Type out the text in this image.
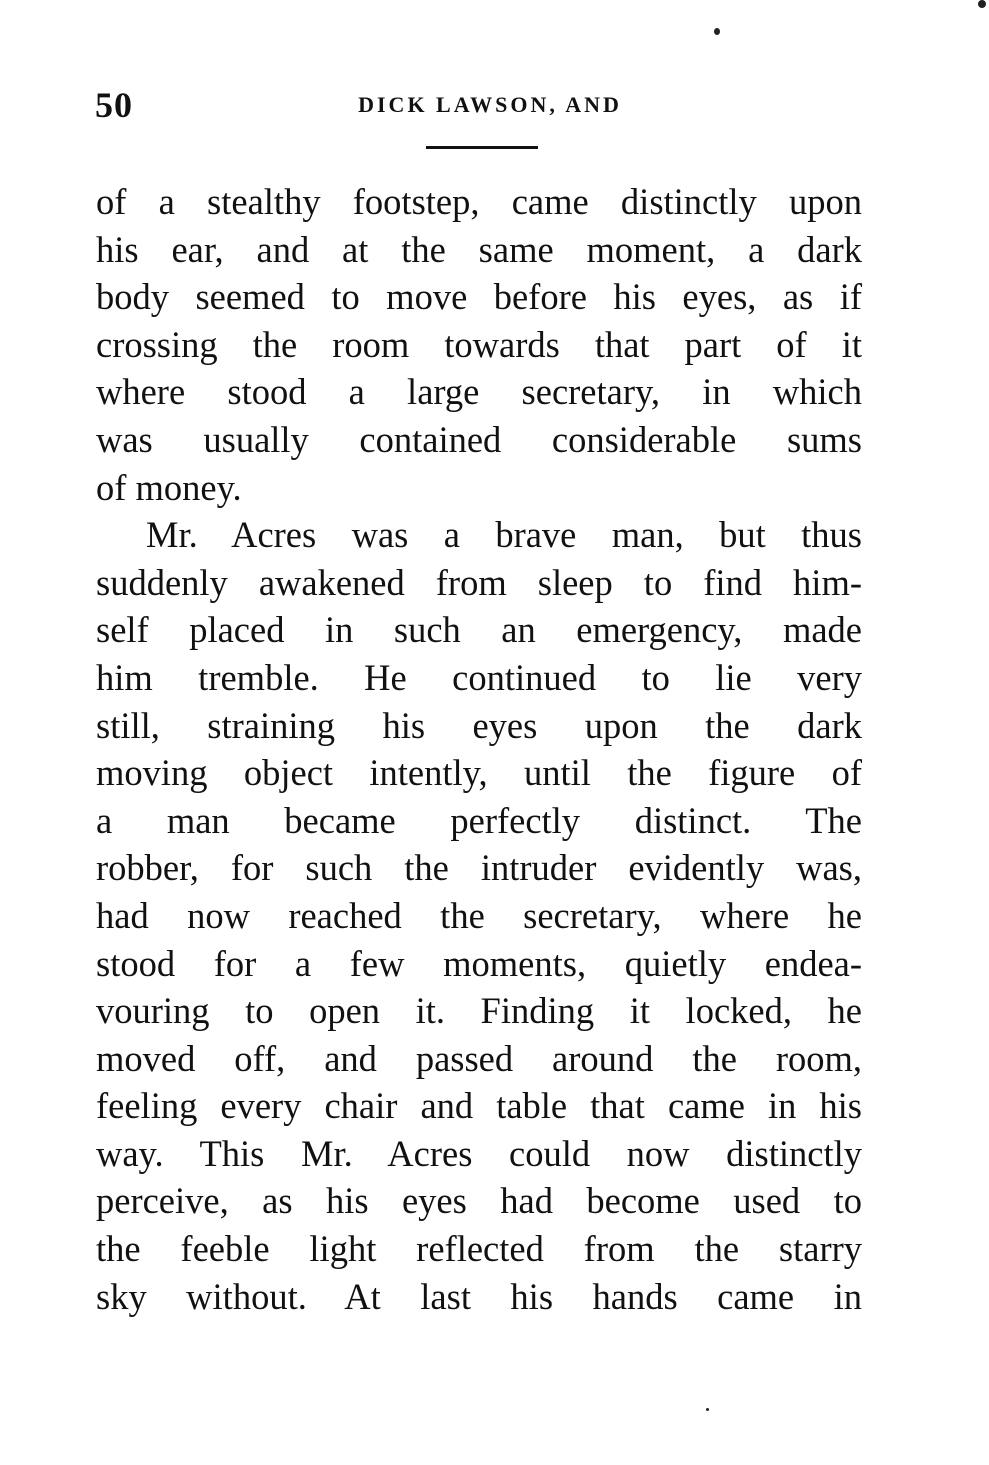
50	DICK LAWSON, AND
of a stealthy footstep, came distinctly upon
his ear, and at the same moment, a dark
body seemed to move before his eyes, as if
crossing the room towards that part of it
where stood a large secretary, in which
was usually contained considerable sums
of money.
Mr. Acres was a brave man, but thus
suddenly awakened from sleep to find him-
self placed in such an emergency, made
him tremble. He continued to lie very
still, straining his eyes upon the dark
moving object intently, until the figure of
a man became perfectly distinct. The
robber, for such the intruder evidently was,
had now reached the secretary, where he
stood for a few moments, quietly endea-
vouring to open it. Finding it locked, he
moved off, and passed around the room,
feeling every chair and table that came in his
way. This Mr. Acres could now distinctly
perceive, as his eyes had become used to
the feeble light reflected from the starry
sky without. At last his hands came in
